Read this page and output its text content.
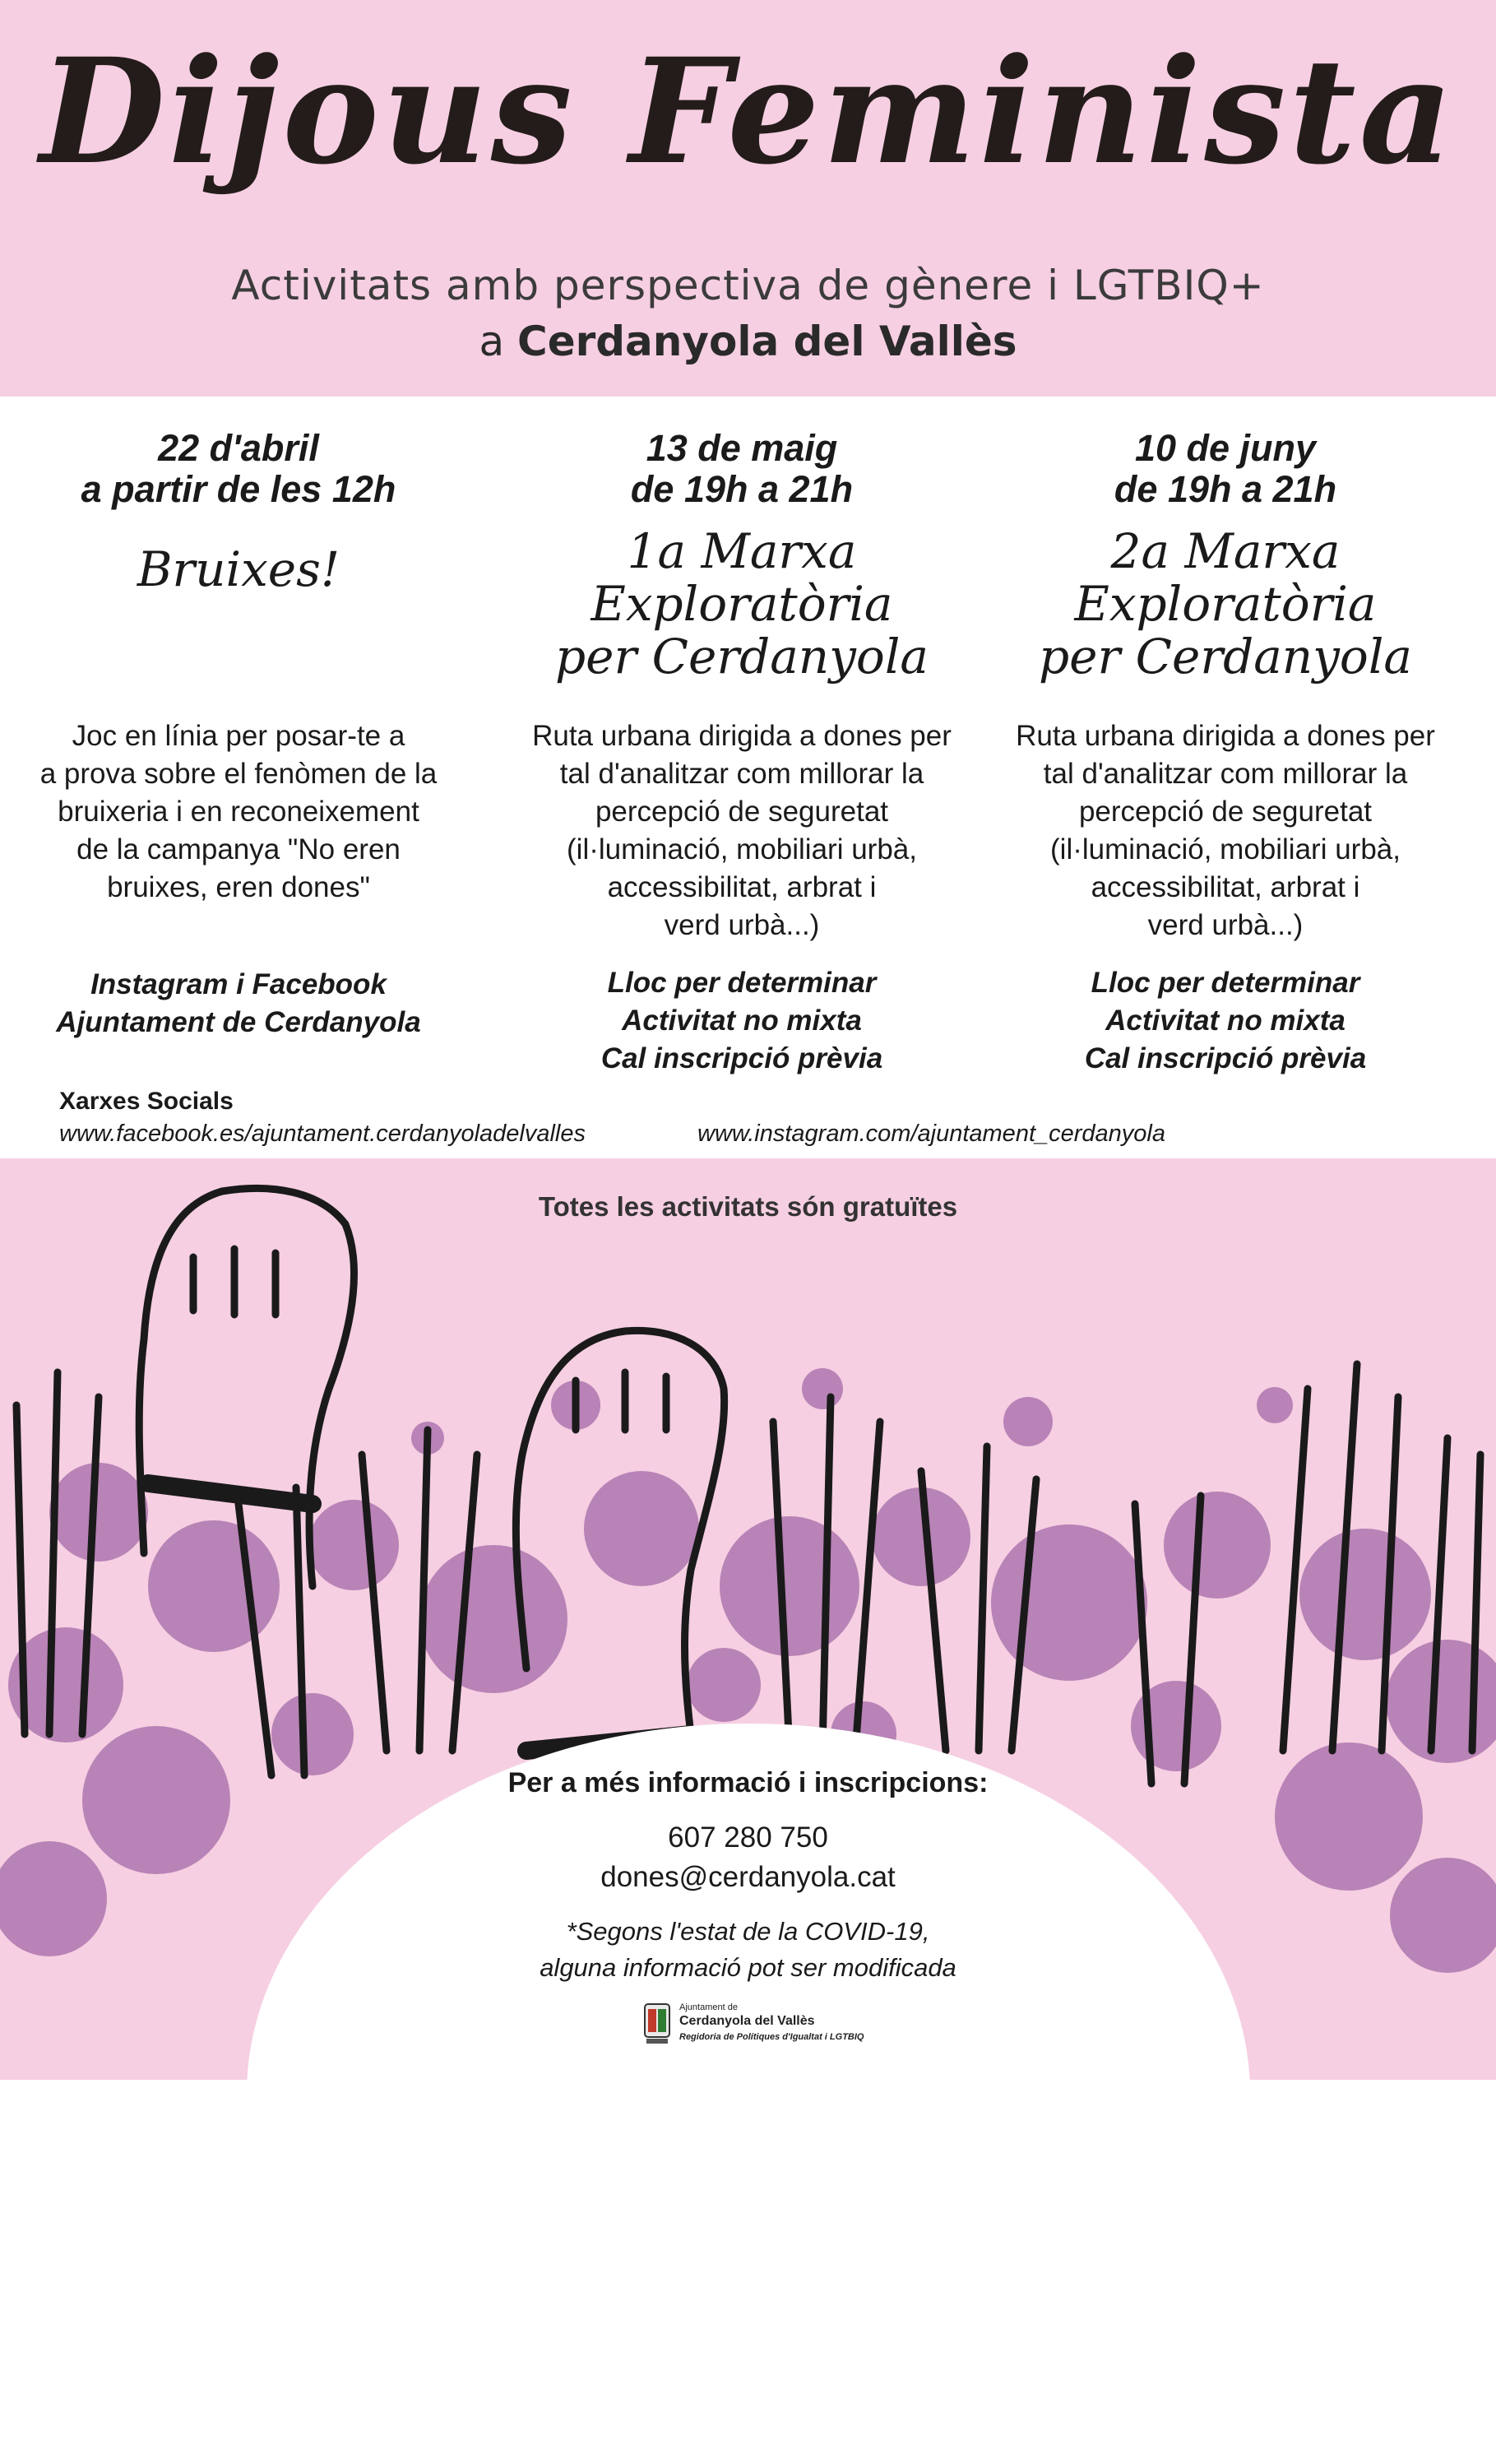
Dijous Feminista
Activitats amb perspectiva de gènere i LGTBIQ+
a Cerdanyola del Vallès
22 d'abril
a partir de les 12h
Bruixes!
Joc en línia per posar-te a
a prova sobre el fenòmen de la
bruixeria i en reconeixement
de la campanya "No eren
bruixes, eren dones"
Instagram i Facebook
Ajuntament de Cerdanyola
13 de maig
de 19h a 21h
1a Marxa
Exploratòria
per Cerdanyola
Ruta urbana dirigida a dones per
tal d'analitzar com millorar la
percepció de seguretat
(il·luminació, mobiliari urbà,
accessibilitat, arbrat i
verd urbà...)
Lloc per determinar
Activitat no mixta
Cal inscripció prèvia
10 de juny
de 19h a 21h
2a Marxa
Exploratòria
per Cerdanyola
Ruta urbana dirigida a dones per
tal d'analitzar com millorar la
percepció de seguretat
(il·luminació, mobiliari urbà,
accessibilitat, arbrat i
verd urbà...)
Lloc per determinar
Activitat no mixta
Cal inscripció prèvia
Xarxes Socials
www.facebook.es/ajuntament.cerdanyoladelvalles	www.instagram.com/ajuntament_cerdanyola
Totes les activitats són gratuïtes
Per a més informació i inscripcions:
607 280 750
dones@cerdanyola.cat
*Segons l'estat de la COVID-19,
alguna informació pot ser modificada
Ajuntament de
Cerdanyola del Vallès
Regidoria de Polítiques d'Igualtat i LGTBIQ
